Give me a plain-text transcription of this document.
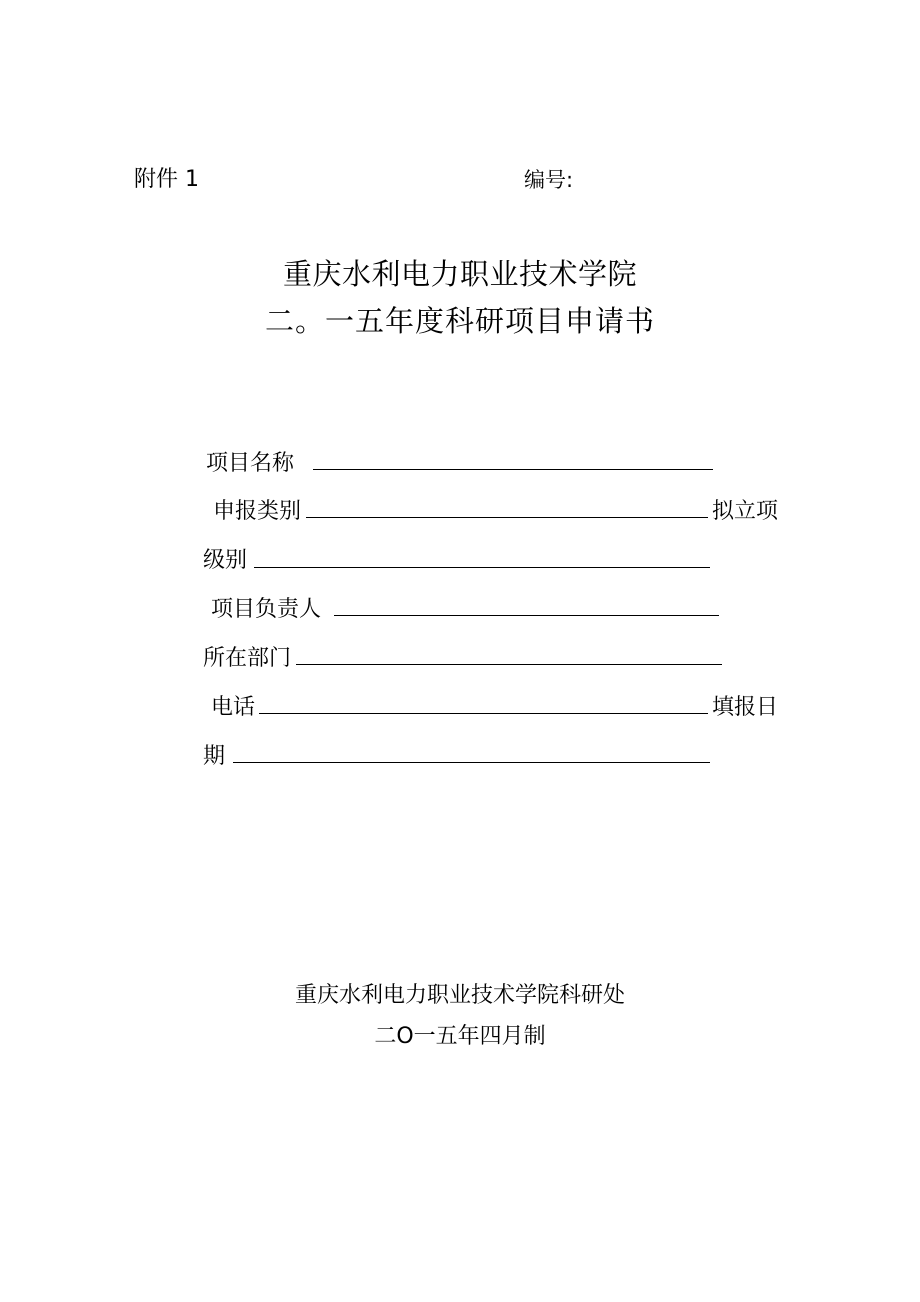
附件 1	编号:
重庆水利电力职业技术学院
二。一五年度科研项目申请书
项目名称
申报类别	拟立项
级别
项目负责人
所在部门
电话	填报日
期
重庆水利电力职业技术学院科研处
二O一五年四月制
